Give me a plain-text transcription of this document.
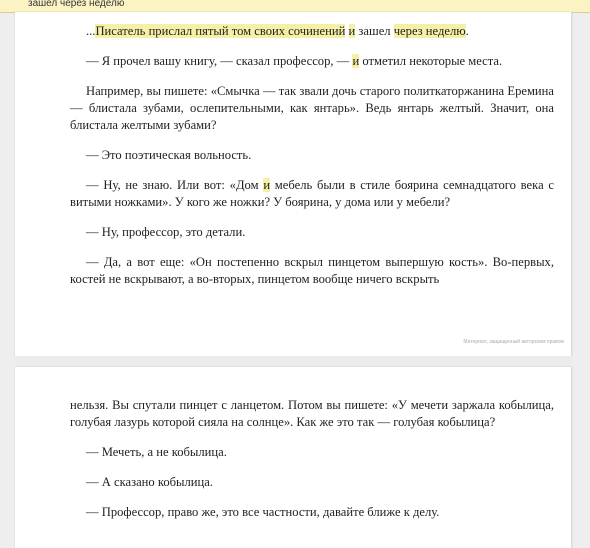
зашел через неделю

...Писатель прислал пятый том своих сочинений и зашел через неделю.

— Я прочел вашу книгу, — сказал профессор, — и отметил некоторые места.

Например, вы пишете: «Смычка — так звали дочь старого политкаторжанина Еремина — блистала зубами, ослепительными, как янтарь». Ведь янтарь желтый. Значит, она блистала желтыми зубами?

— Это поэтическая вольность.

— Ну, не знаю. Или вот: «Дом и мебель были в стиле боярина семнадцатого века с витыми ножками». У кого же ножки? У боярина, у дома или у мебели?

— Ну, профессор, это детали.

— Да, а вот еще: «Он постепенно вскрыл пинцетом выпершую кость». Во-первых, костей не вскрывают, а во-вторых, пинцетом вообще ничего вскрыть

Материал, защищенный авторским правом

нельзя. Вы спутали пинцет с ланцетом. Потом вы пишете: «У мечети заржала кобылица, голубая лазурь которой сияла на солнце». Как же это так — голубая кобылица?

— Мечеть, а не кобылица.

— А сказано кобылица.

— Профессор, право же, это все частности, давайте ближе к делу.
